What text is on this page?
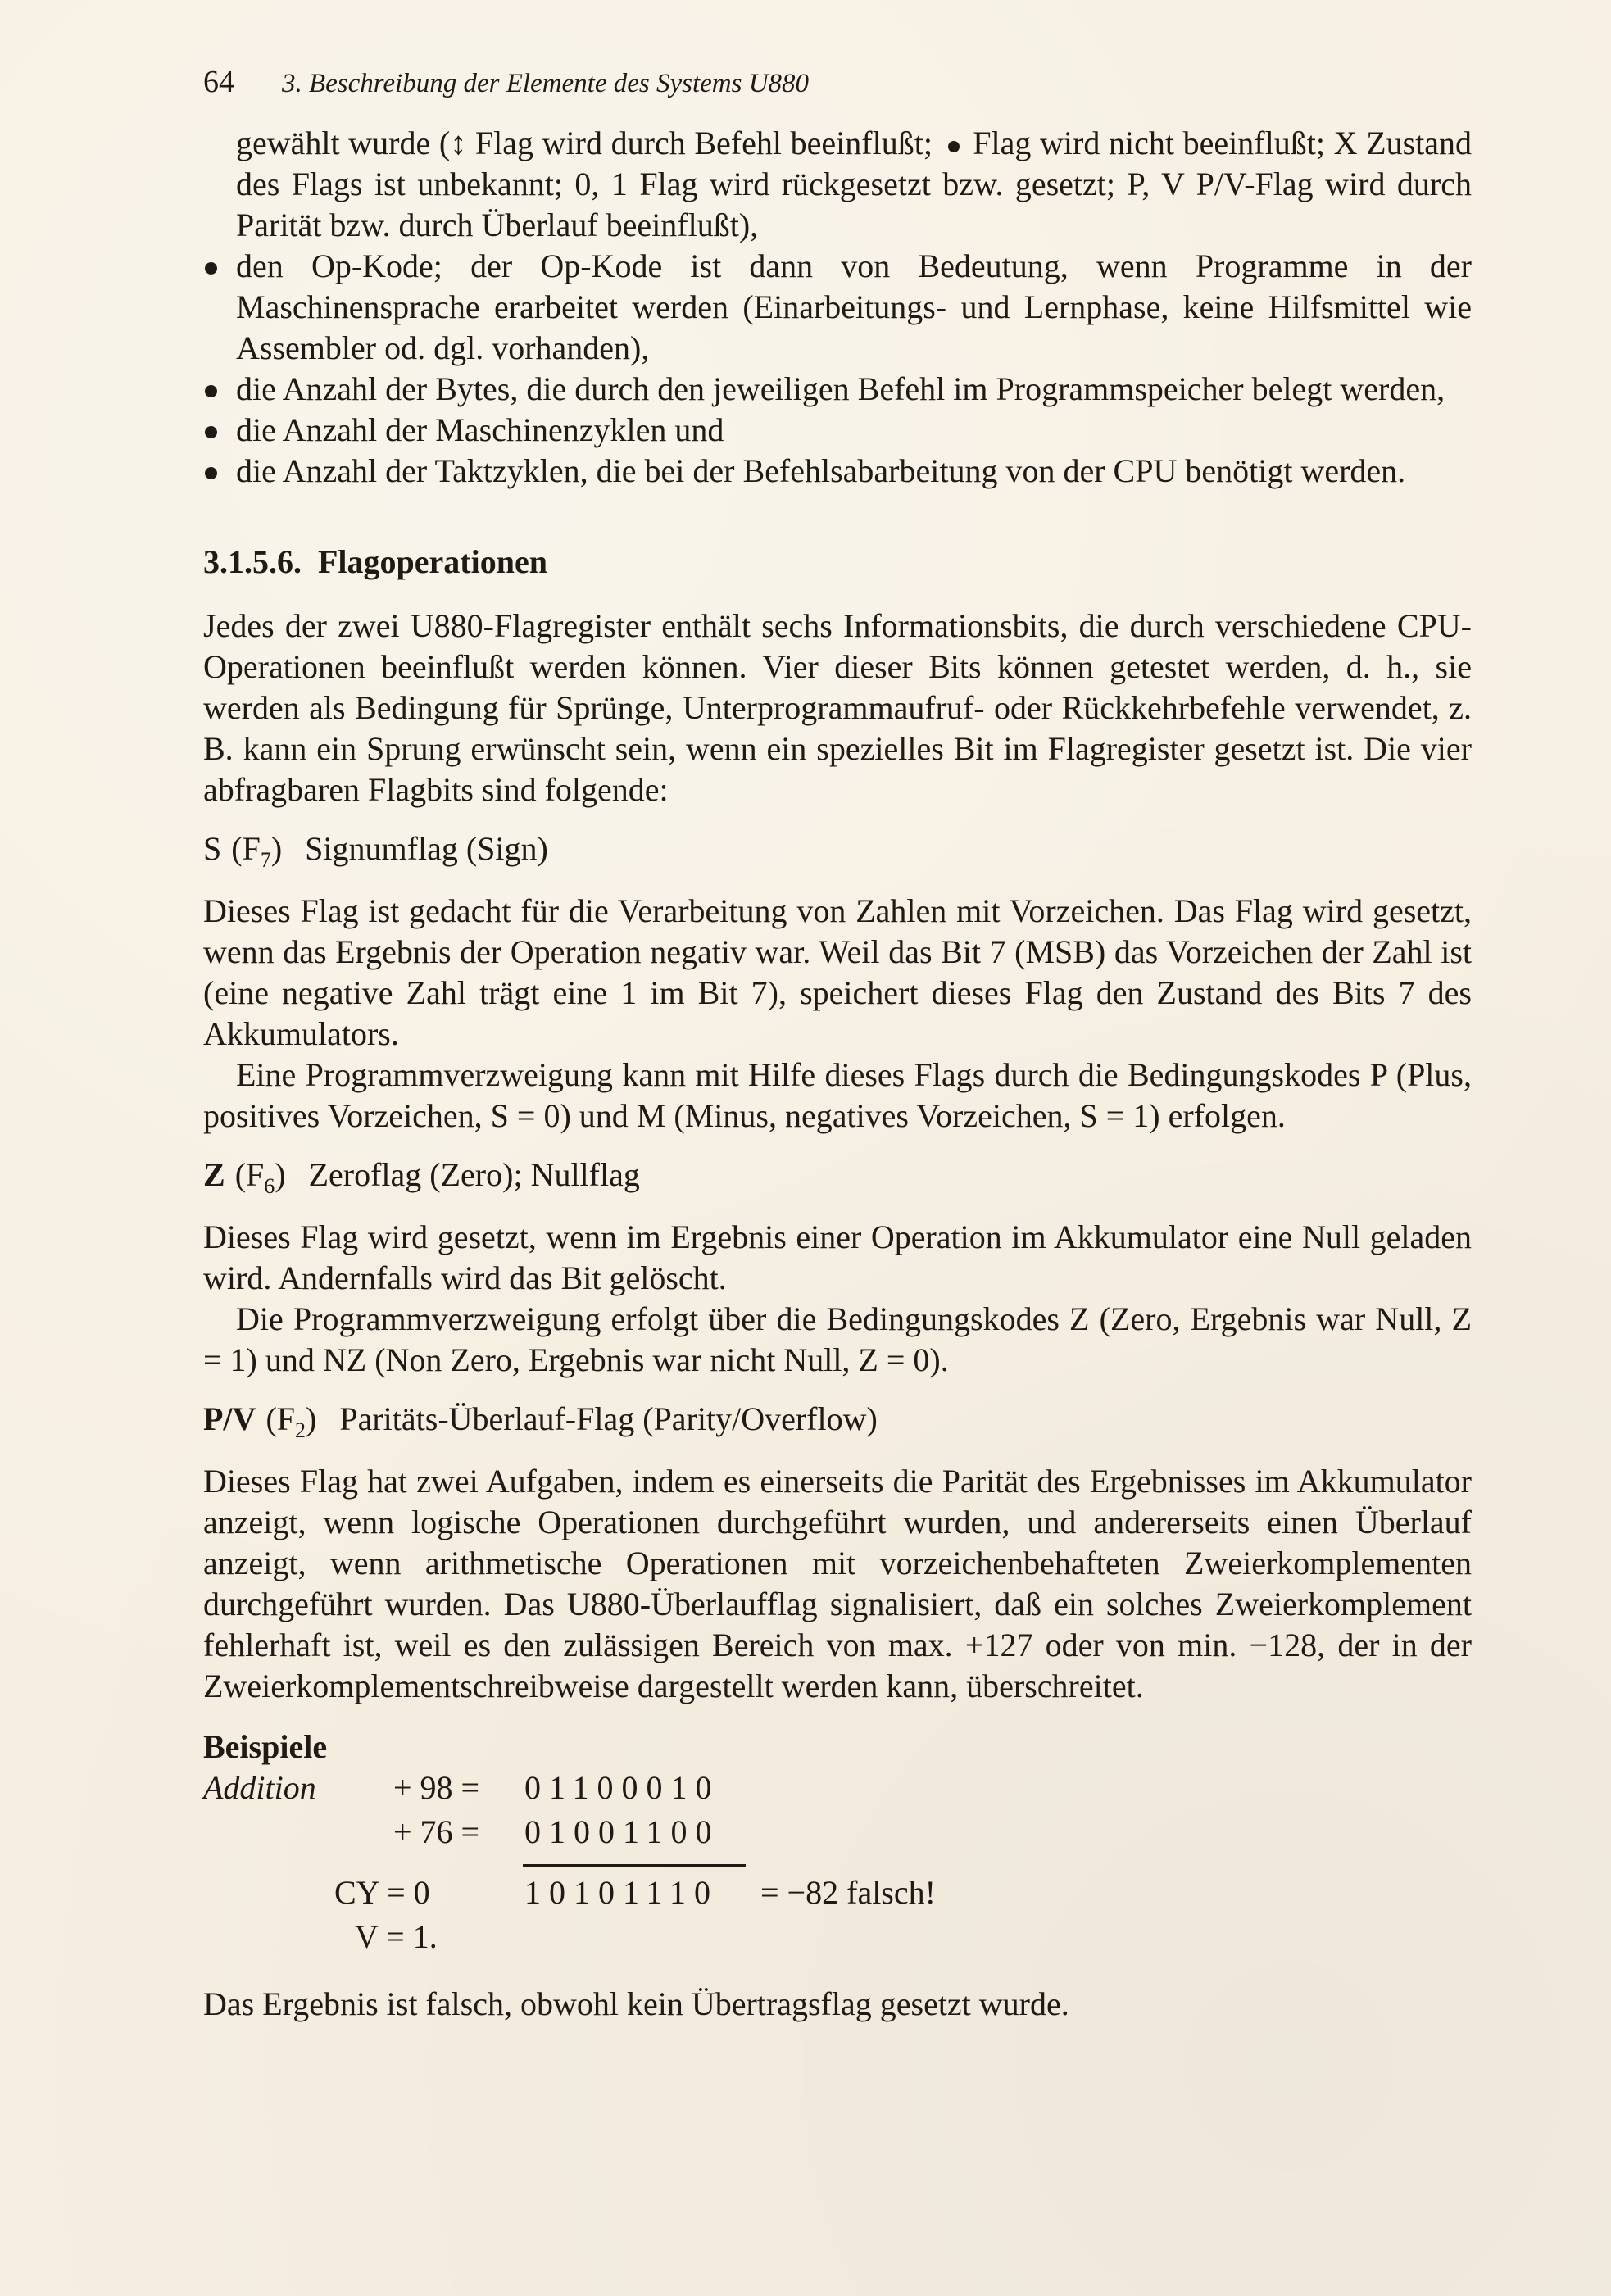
64 3. Beschreibung der Elemente des Systems U880

gewählt wurde (↕ Flag wird durch Befehl beeinflußt;  Flag wird nicht beeinflußt; X Zustand des Flags ist unbekannt; 0, 1 Flag wird rückgesetzt bzw. gesetzt; P, V P/V-Flag wird durch Parität bzw. durch Überlauf beeinflußt),

den Op-Kode; der Op-Kode ist dann von Bedeutung, wenn Programme in der Maschinensprache erarbeitet werden (Einarbeitungs- und Lernphase, keine Hilfsmittel wie Assembler od. dgl. vorhanden),
die Anzahl der Bytes, die durch den jeweiligen Befehl im Programmspeicher belegt werden,
die Anzahl der Maschinenzyklen und
die Anzahl der Taktzyklen, die bei der Befehlsabarbeitung von der CPU benötigt werden.
3.1.5.6. Flagoperationen

Jedes der zwei U880-Flagregister enthält sechs Informationsbits, die durch verschiedene CPU-Operationen beeinflußt werden können. Vier dieser Bits können getestet werden, d. h., sie werden als Bedingung für Sprünge, Unterprogrammaufruf- oder Rückkehrbefehle verwendet, z. B. kann ein Sprung erwünscht sein, wenn ein spezielles Bit im Flagregister gesetzt ist. Die vier abfragbaren Flagbits sind folgende:

S $(F_7)$ Signumflag (Sign)

Dieses Flag ist gedacht für die Verarbeitung von Zahlen mit Vorzeichen. Das Flag wird gesetzt, wenn das Ergebnis der Operation negativ war. Weil das Bit 7 (MSB) das Vorzeichen der Zahl ist (eine negative Zahl trägt eine 1 im Bit 7), speichert dieses Flag den Zustand des Bits 7 des Akkumulators.

Eine Programmverzweigung kann mit Hilfe dieses Flags durch die Bedingungskodes P (Plus, positives Vorzeichen, S = 0) und M (Minus, negatives Vorzeichen, S = 1) erfolgen.

Z $(F_6)$ Zeroflag (Zero); Nullflag

Dieses Flag wird gesetzt, wenn im Ergebnis einer Operation im Akkumulator eine Null geladen wird. Andernfalls wird das Bit gelöscht.

Die Programmverzweigung erfolgt über die Bedingungskodes Z (Zero, Ergebnis war Null, Z = 1) und NZ (Non Zero, Ergebnis war nicht Null, Z = 0).

P/V $(F_2)$ Paritäts-Überlauf-Flag (Parity/Overflow)

Dieses Flag hat zwei Aufgaben, indem es einerseits die Parität des Ergebnisses im Akkumulator anzeigt, wenn logische Operationen durchgeführt wurden, und andererseits einen Überlauf anzeigt, wenn arithmetische Operationen mit vorzeichenbehafteten Zweierkomplementen durchgeführt wurden. Das U880-Überlaufflag signalisiert, daß ein solches Zweierkomplement fehlerhaft ist, weil es den zulässigen Bereich von max. +127 oder von min. −128, der in der Zweierkomplementschreibweise dargestellt werden kann, überschreitet.

Beispiele
Addition + 98 = 01100010
+ 76 = 01001100
CY = 0	10101110 = −82 falsch!
V = 1.

Das Ergebnis ist falsch, obwohl kein Übertragsflag gesetzt wurde.
